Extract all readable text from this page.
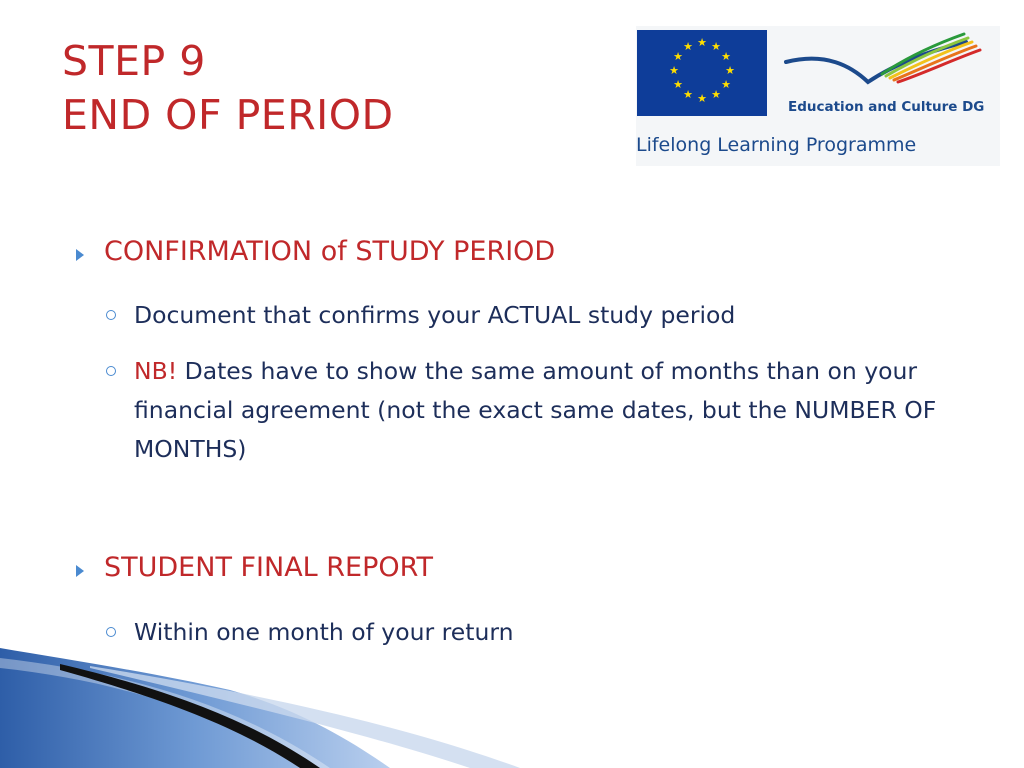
STEP 9
END OF PERIOD
★ ★
★
★
★
★
★
★
★
★
★
★
Education and Culture DG
Lifelong Learning Programme
CONFIRMATION of STUDY PERIOD
Document that confirms your ACTUAL study period
NB! Dates have to show the same amount of months than on your financial agreement (not the exact same dates, but the NUMBER OF MONTHS)
STUDENT FINAL REPORT
Within one month of your return
